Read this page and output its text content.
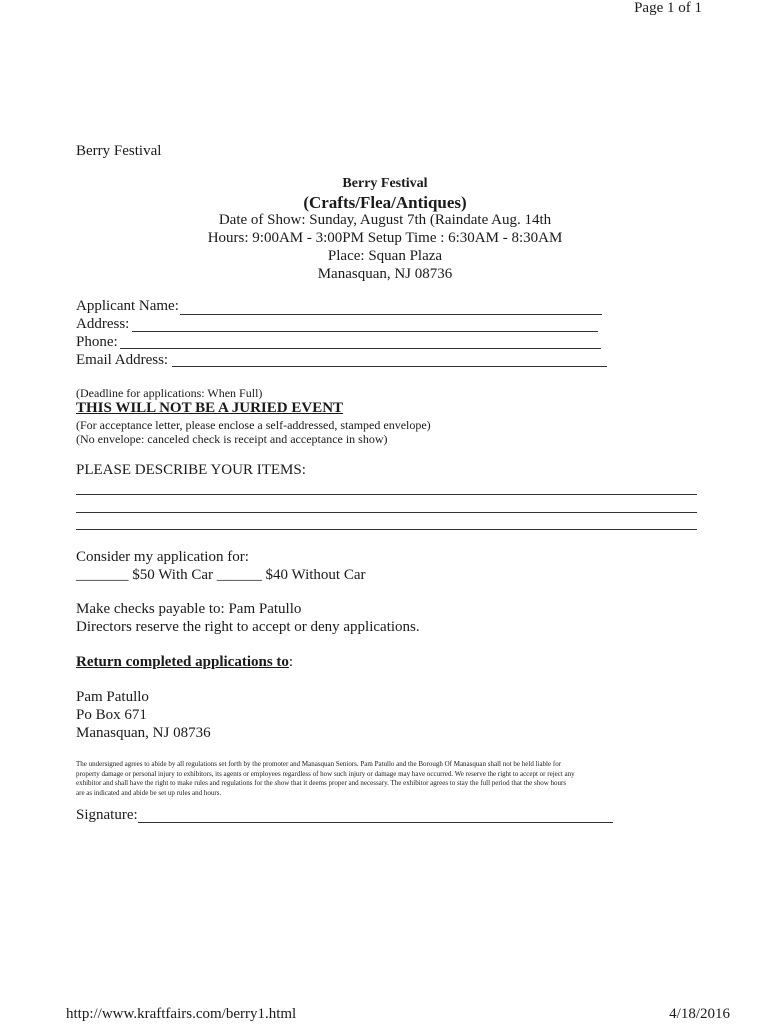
Page 1 of 1
Berry Festival
Berry Festival
(Crafts/Flea/Antiques)
Date of Show: Sunday, August 7th (Raindate Aug. 14th
Hours: 9:00AM - 3:00PM Setup Time : 6:30AM - 8:30AM
Place: Squan Plaza
Manasquan, NJ 08736
Applicant Name:
Address:
Phone:
Email Address:
(Deadline for applications: When Full)
THIS WILL NOT BE A JURIED EVENT
(For acceptance letter, please enclose a self-addressed, stamped envelope)
(No envelope: canceled check is receipt and acceptance in show)
PLEASE DESCRIBE YOUR ITEMS:
Consider my application for:
_______ $50 With Car ______ $40 Without Car
Make checks payable to: Pam Patullo
Directors reserve the right to accept or deny applications.
Return completed applications to:
Pam Patullo
Po Box 671
Manasquan, NJ 08736
The undersigned agrees to abide by all regulations set forth by the promoter and Manasquan Seniors. Pam Patullo and the Borough Of Manasquan shall not be held liable for property damage or personal injury to exhibitors, its agents or employees regardless of how such injury or damage may have occurred. We reserve the right to accept or reject any exhibitor and shall have the right to make rules and regulations for the show that it deems proper and necessary. The exhibitor agrees to stay the full period that the show hours are as indicated and abide be set up rules and hours.
Signature:
http://www.kraftfairs.com/berry1.html	4/18/2016
